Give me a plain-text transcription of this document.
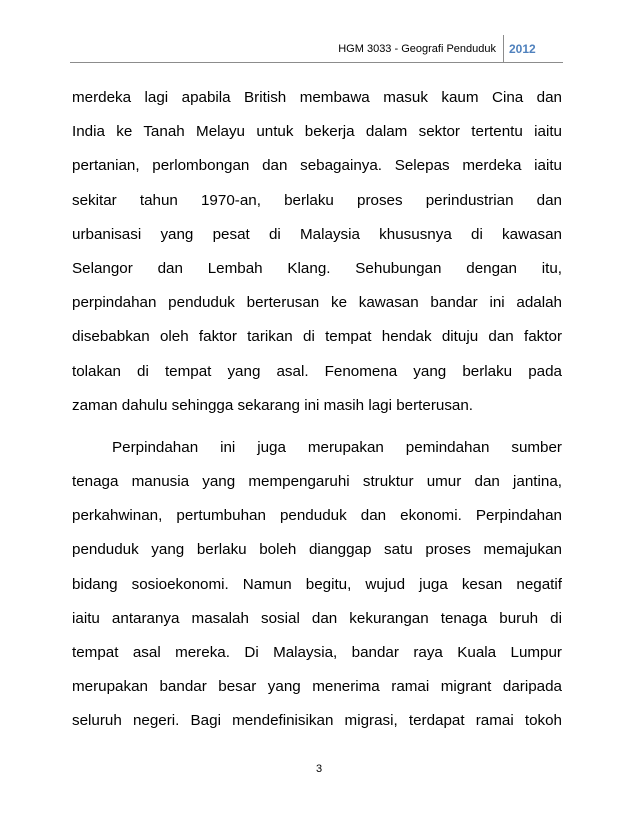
HGM 3033 - Geografi Penduduk 2012
merdeka lagi apabila British membawa masuk kaum Cina dan
India ke Tanah Melayu untuk bekerja dalam sektor tertentu iaitu
pertanian, perlombongan dan sebagainya. Selepas merdeka iaitu
sekitar tahun 1970-an, berlaku proses perindustrian dan
urbanisasi yang pesat di Malaysia khususnya di kawasan
Selangor dan Lembah Klang. Sehubungan dengan itu,
perpindahan penduduk berterusan ke kawasan bandar ini adalah
disebabkan oleh faktor tarikan di tempat hendak dituju dan faktor
tolakan di tempat yang asal. Fenomena yang berlaku pada
zaman dahulu sehingga sekarang ini masih lagi berterusan.
Perpindahan ini juga merupakan pemindahan sumber
tenaga manusia yang mempengaruhi struktur umur dan jantina,
perkahwinan, pertumbuhan penduduk dan ekonomi. Perpindahan
penduduk yang berlaku boleh dianggap satu proses memajukan
bidang sosioekonomi. Namun begitu, wujud juga kesan negatif
iaitu antaranya masalah sosial dan kekurangan tenaga buruh di
tempat asal mereka. Di Malaysia, bandar raya Kuala Lumpur
merupakan bandar besar yang menerima ramai migrant daripada
seluruh negeri. Bagi mendefinisikan migrasi, terdapat ramai tokoh
3
